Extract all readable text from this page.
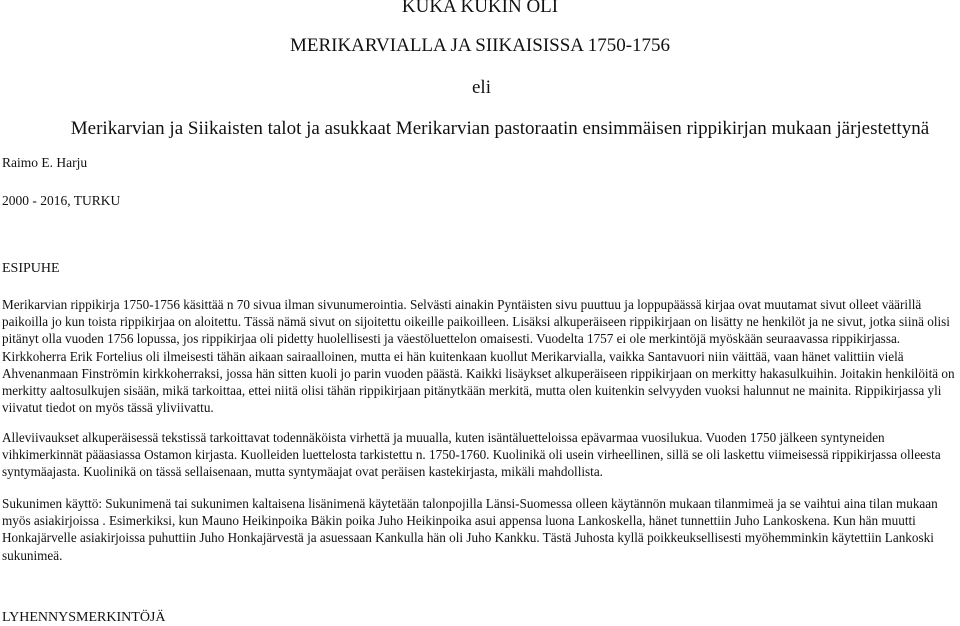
KUKA KUKIN OLI
MERIKARVIALLA JA SIIKAISISSA 1750-1756
eli
Merikarvian ja Siikaisten talot ja asukkaat Merikarvian pastoraatin ensimmäisen rippikirjan mukaan järjestettynä
Raimo E. Harju
2000 - 2016, TURKU
ESIPUHE
Merikarvian rippikirja 1750-1756 käsittää n 70 sivua ilman sivunumerointia. Selvästi ainakin Pyntäisten sivu puuttuu ja loppupäässä kirjaa ovat muutamat sivut olleet väärillä paikoilla jo kun toista rippikirjaa on aloitettu. Tässä nämä sivut on sijoitettu oikeille paikoilleen. Lisäksi alkuperäiseen rippikirjaan on lisätty ne henkilöt ja ne sivut, jotka siinä olisi pitänyt olla vuoden 1756 lopussa, jos rippikirjaa oli pidetty huolellisesti ja väestöluettelon omaisesti. Vuodelta 1757 ei ole merkintöjä myöskään seuraavassa rippikirjassa. Kirkkoherra Erik Fortelius oli ilmeisesti tähän aikaan sairaalloinen, mutta ei hän kuitenkaan kuollut Merikarvialla, vaikka Santavuori niin väittää, vaan hänet valittiin vielä Ahvenanmaan Finströmin kirkkoherraksi, jossa hän sitten kuoli jo parin vuoden päästä. Kaikki lisäykset alkuperäiseen rippikirjaan on merkitty hakasulkuihin. Joitakin henkilöitä on merkitty aaltosulkujen sisään, mikä tarkoittaa, ettei niitä olisi tähän rippikirjaan pitänytkään merkitä, mutta olen kuitenkin selvyyden vuoksi halunnut ne mainita. Rippikirjassa yli viivatut tiedot on myös tässä yliviivattu.
Alleviivaukset alkuperäisessä tekstissä tarkoittavat todennäköista virhettä ja muualla, kuten isäntäluetteloissa epävarmaa vuosilukua. Vuoden 1750 jälkeen syntyneiden vihkimerkinnät pääasiassa Ostamon kirjasta. Kuolleiden luettelosta tarkistettu n. 1750-1760. Kuolinikä oli usein virheellinen, sillä se oli laskettu viimeisessä rippikirjassa olleesta syntymäajasta. Kuolinikä on tässä sellaisenaan, mutta syntymäajat ovat peräisen kastekirjasta, mikäli mahdollista.
Sukunimen käyttö: Sukunimenä tai sukunimen kaltaisena lisänimenä käytetään talonpojilla Länsi-Suomessa olleen käytännön mukaan tilanmimeä ja se vaihtui aina tilan mukaan myös asiakirjoissa . Esimerkiksi, kun Mauno Heikinpoika Bäkin poika Juho Heikinpoika asui appensa luona Lankoskella, hänet tunnettiin Juho Lankoskena. Kun hän muutti Honkajärvelle asiakirjoissa puhuttiin Juho Honkajärvestä ja asuessaan Kankulla hän oli Juho Kankku. Tästä Juhosta kyllä poikkeuksellisesti myöhemminkin käytettiin Lankoski sukunimeä.
LYHENNYSMERKINTÖJÄ
